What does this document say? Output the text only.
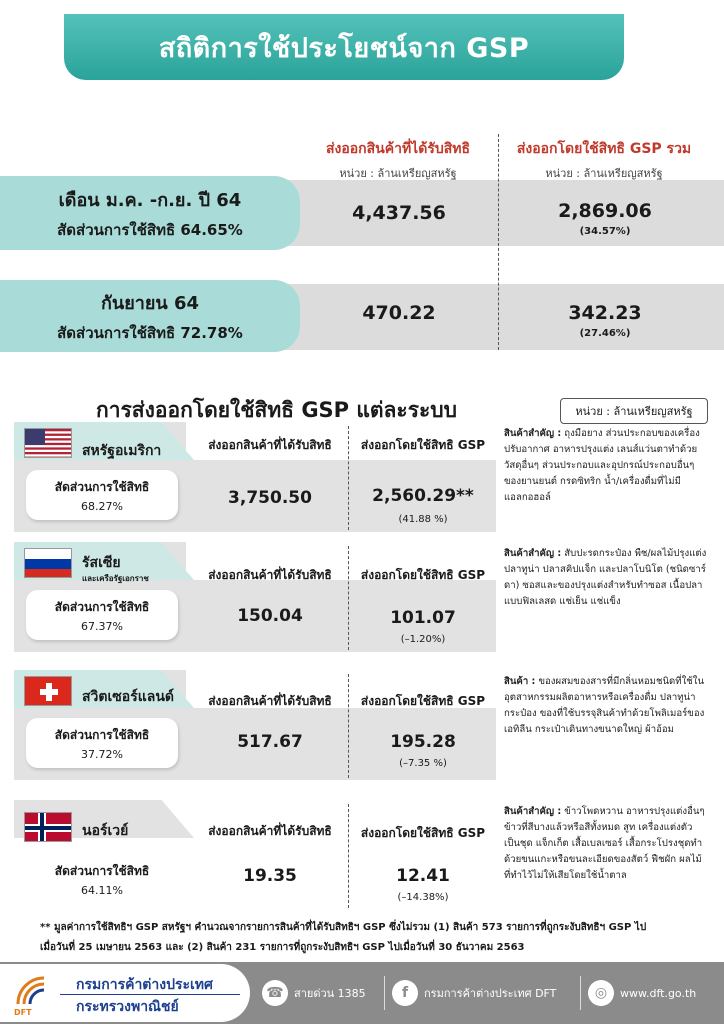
สถิติการใช้ประโยชน์จาก GSP
ส่งออกสินค้าที่ได้รับสิทธิ
หน่วย : ล้านเหรียญสหรัฐ
ส่งออกโดยใช้สิทธิ GSP รวม
หน่วย : ล้านเหรียญสหรัฐ
เดือน ม.ค. -ก.ย. ปี 64
สัดส่วนการใช้สิทธิ 64.65%
4,437.56	2,869.06
(34.57%)
กันยายน 64
สัดส่วนการใช้สิทธิ 72.78%
470.22	342.23
(27.46%)
การส่งออกโดยใช้สิทธิ GSP แต่ละระบบ	หน่วย : ล้านเหรียญสหรัฐ
สหรัฐอเมริกา
สัดส่วนการใช้สิทธิ
68.27%
ส่งออกสินค้าที่ได้รับสิทธิ	ส่งออกโดยใช้สิทธิ GSP
3,750.50	2,560.29**
(41.88 %)
สินค้าสำคัญ : ถุงมือยาง ส่วนประกอบของเครื่องปรับอากาศ อาหารปรุงแต่ง เลนส์แว่นตาทำด้วยวัสดุอื่นๆ ส่วนประกอบและอุปกรณ์ประกอบอื่นๆ ของยานยนต์ กรดซิทริก น้ำ/เครื่องดื่มที่ไม่มีแอลกอฮอล์
รัสเซีย
และเครือรัฐเอกราช
สัดส่วนการใช้สิทธิ
67.37%
ส่งออกสินค้าที่ได้รับสิทธิ	ส่งออกโดยใช้สิทธิ GSP
150.04	101.07
(–1.20%)
สินค้าสำคัญ : สับปะรดกระป๋อง พืช/ผลไม้ปรุงแต่ง ปลาทูน่า ปลาสคิปแจ็ก และปลาโบนิโต (ชนิดซาร์ดา) ซอสและของปรุงแต่งสำหรับทำซอส เนื้อปลาแบบฟิลเลสด แช่เย็น แช่แข็ง
สวิตเซอร์แลนด์
สัดส่วนการใช้สิทธิ
37.72%
ส่งออกสินค้าที่ได้รับสิทธิ	ส่งออกโดยใช้สิทธิ GSP
517.67	195.28
(–7.35 %)
สินค้า : ของผสมของสารที่มีกลิ่นหอมชนิดที่ใช้ในอุตสาหกรรมผลิตอาหารหรือเครื่องดื่ม ปลาทูน่ากระป๋อง ของที่ใช้บรรจุสินค้าทำด้วยโพลิเมอร์ของเอทิลีน กระเป๋าเดินทางขนาดใหญ่ ผ้าอ้อม
นอร์เวย์
สัดส่วนการใช้สิทธิ
64.11%
ส่งออกสินค้าที่ได้รับสิทธิ	ส่งออกโดยใช้สิทธิ GSP
19.35	12.41
(–14.38%)
สินค้าสำคัญ : ข้าวโพดหวาน อาหารปรุงแต่งอื่นๆ ข้าวที่สีบางแล้วหรือสีทั้งหมด สูท เครื่องแต่งตัวเป็นชุด แจ็กเก็ต เสื้อเบลเซอร์ เสื้อกระโปรงชุดทำด้วยขนแกะหรือขนละเอียดของสัตว์ ฟืชผัก ผลไม้ที่ทำไว้ไม่ให้เสียโดยใช้น้ำตาล
** มูลค่าการใช้สิทธิฯ GSP สหรัฐฯ คำนวณจากรายการสินค้าที่ได้รับสิทธิฯ GSP ซึ่งไม่รวม (1) สินค้า 573 รายการที่ถูกระงับสิทธิฯ GSP ไป
เมื่อวันที่ 25 เมษายน 2563 และ (2) สินค้า 231 รายการที่ถูกระงับสิทธิฯ GSP ไปเมื่อวันที่ 30 ธันวาคม 2563
DFT
กรมการค้าต่างประเทศ
กระทรวงพาณิชย์
☎ สายด่วน 1385	f	กรมการค้าต่างประเทศ DFT	◎	www.dft.go.th
